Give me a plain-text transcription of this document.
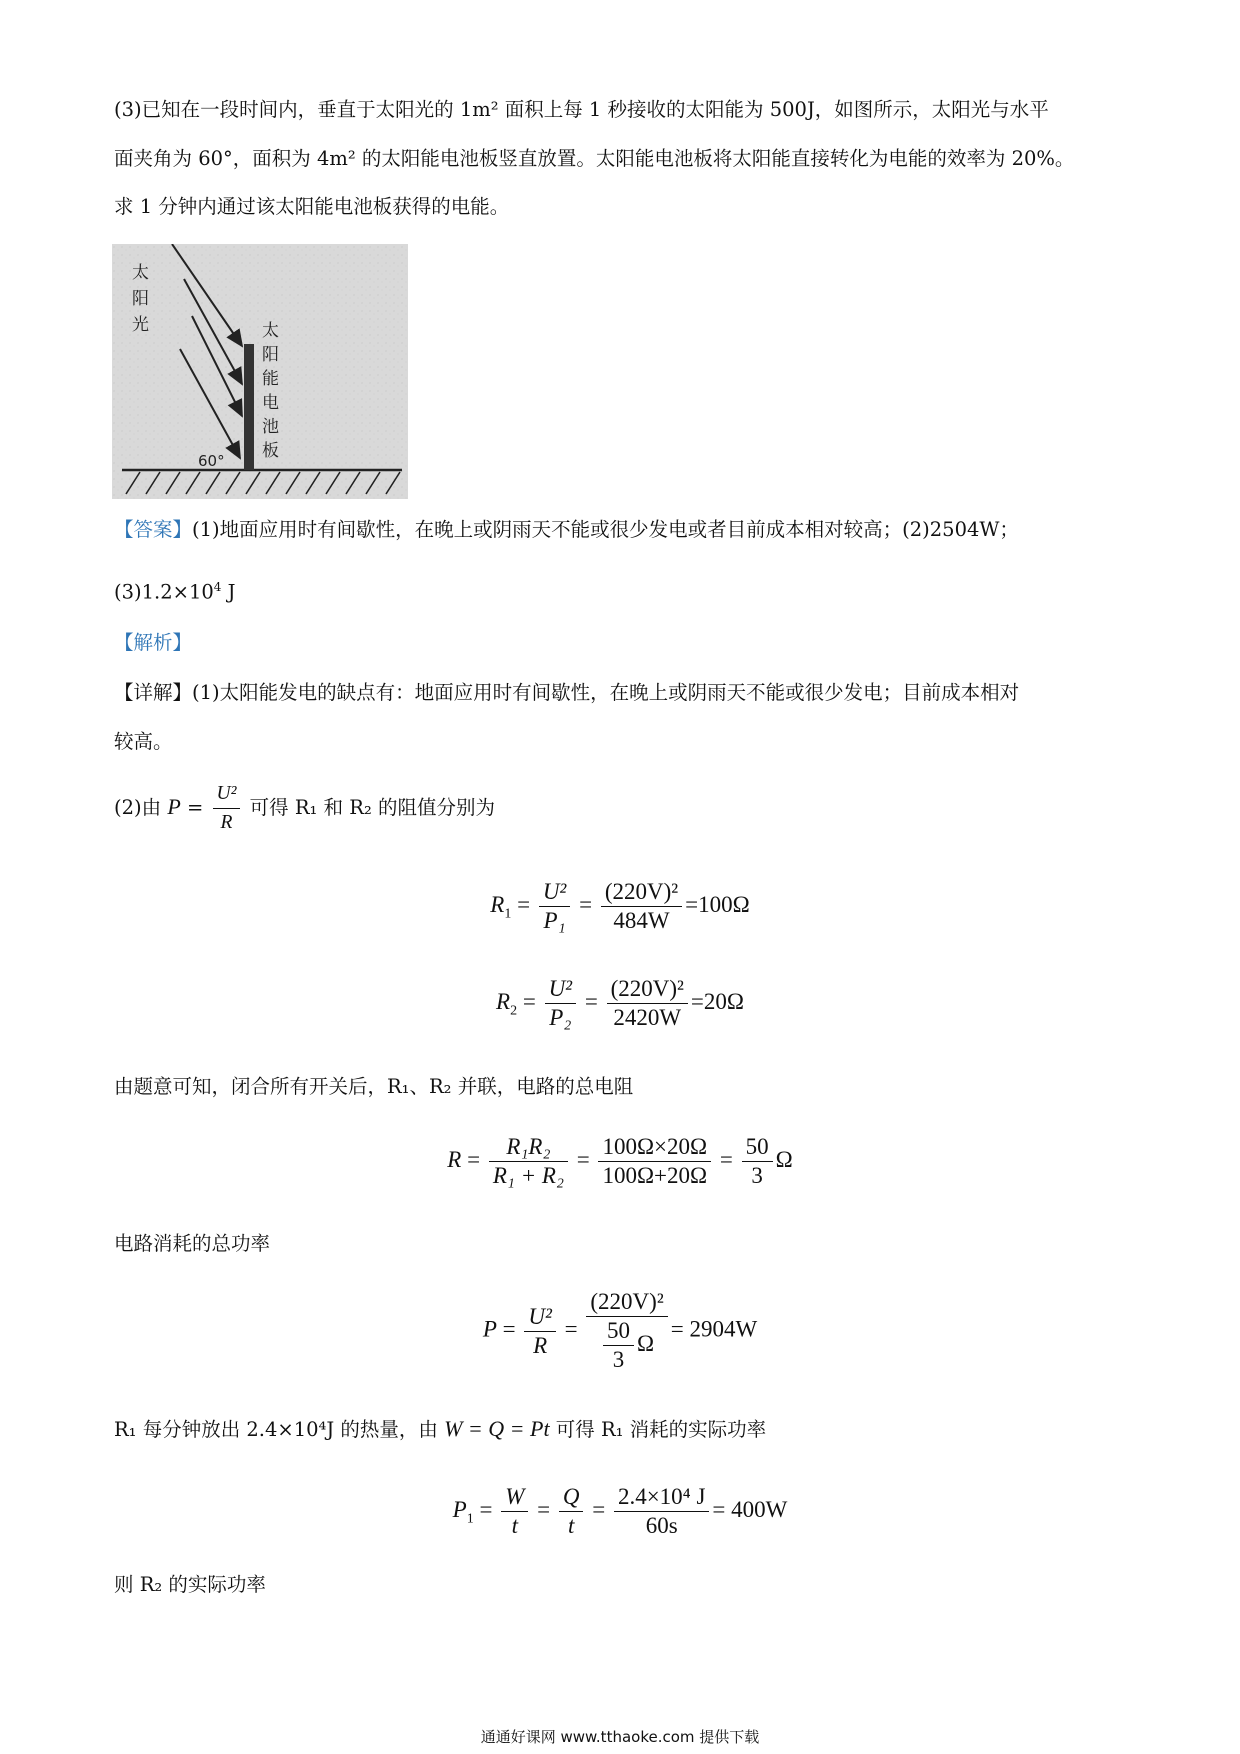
(3)已知在一段时间内，垂直于太阳光的 1m² 面积上每 1 秒接收的太阳能为 500J，如图所示，太阳光与水平
面夹角为 60°，面积为 4m² 的太阳能电池板竖直放置。太阳能电池板将太阳能直接转化为电能的效率为 20%。
求 1 分钟内通过该太阳能电池板获得的电能。
太
阳
光	太
阳
能
电
池
板
60°
【答案】(1)地面应用时有间歇性，在晚上或阴雨天不能或很少发电或者目前成本相对较高；(2)2504W；
$(3)1.2\times 10^4$ J
【解析】
【详解】(1)太阳能发电的缺点有：地面应用时有间歇性，在晚上或阴雨天不能或很少发电；目前成本相对
较高。
(2)由 $P = \frac{\text{U²}}{R}$ 可得 R₁ 和 R₂ 的阻值分别为
$R_1 = \frac{\text{U²}}{\text{P₁}} = \frac{\text{(220V)²}}{484W} =100\Omega$
$R_2 = \frac{\text{U²}}{\text{P₂}} = \frac{\text{(220V)²}}{2420W} =20\Omega$
由题意可知，闭合所有开关后，R₁、R₂ 并联，电路的总电阻
$R = \frac{\text{R₁R₂}}{\text{R₁ + R₂}} = \frac{100\Omega\times 20\Omega}{100\Omega+20\Omega} = \frac{50}{3}$ Ω
电路消耗的总功率
$P = \frac{\text{U²}}{R} = \frac{\text{(220V)²}}{\frac{50}{3} \Omega} = 2904W$
R₁ 每分钟放出 2.4×10⁴J 的热量，由 W = Q = Pt 可得 R₁ 消耗的实际功率
$P_1 = \frac{W}{t} = \frac{Q}{t} = \frac{\text{2.4×10⁴ J}}{60s} = 400W$
则 R₂ 的实际功率
通通好课网 www.tthaoke.com 提供下载
